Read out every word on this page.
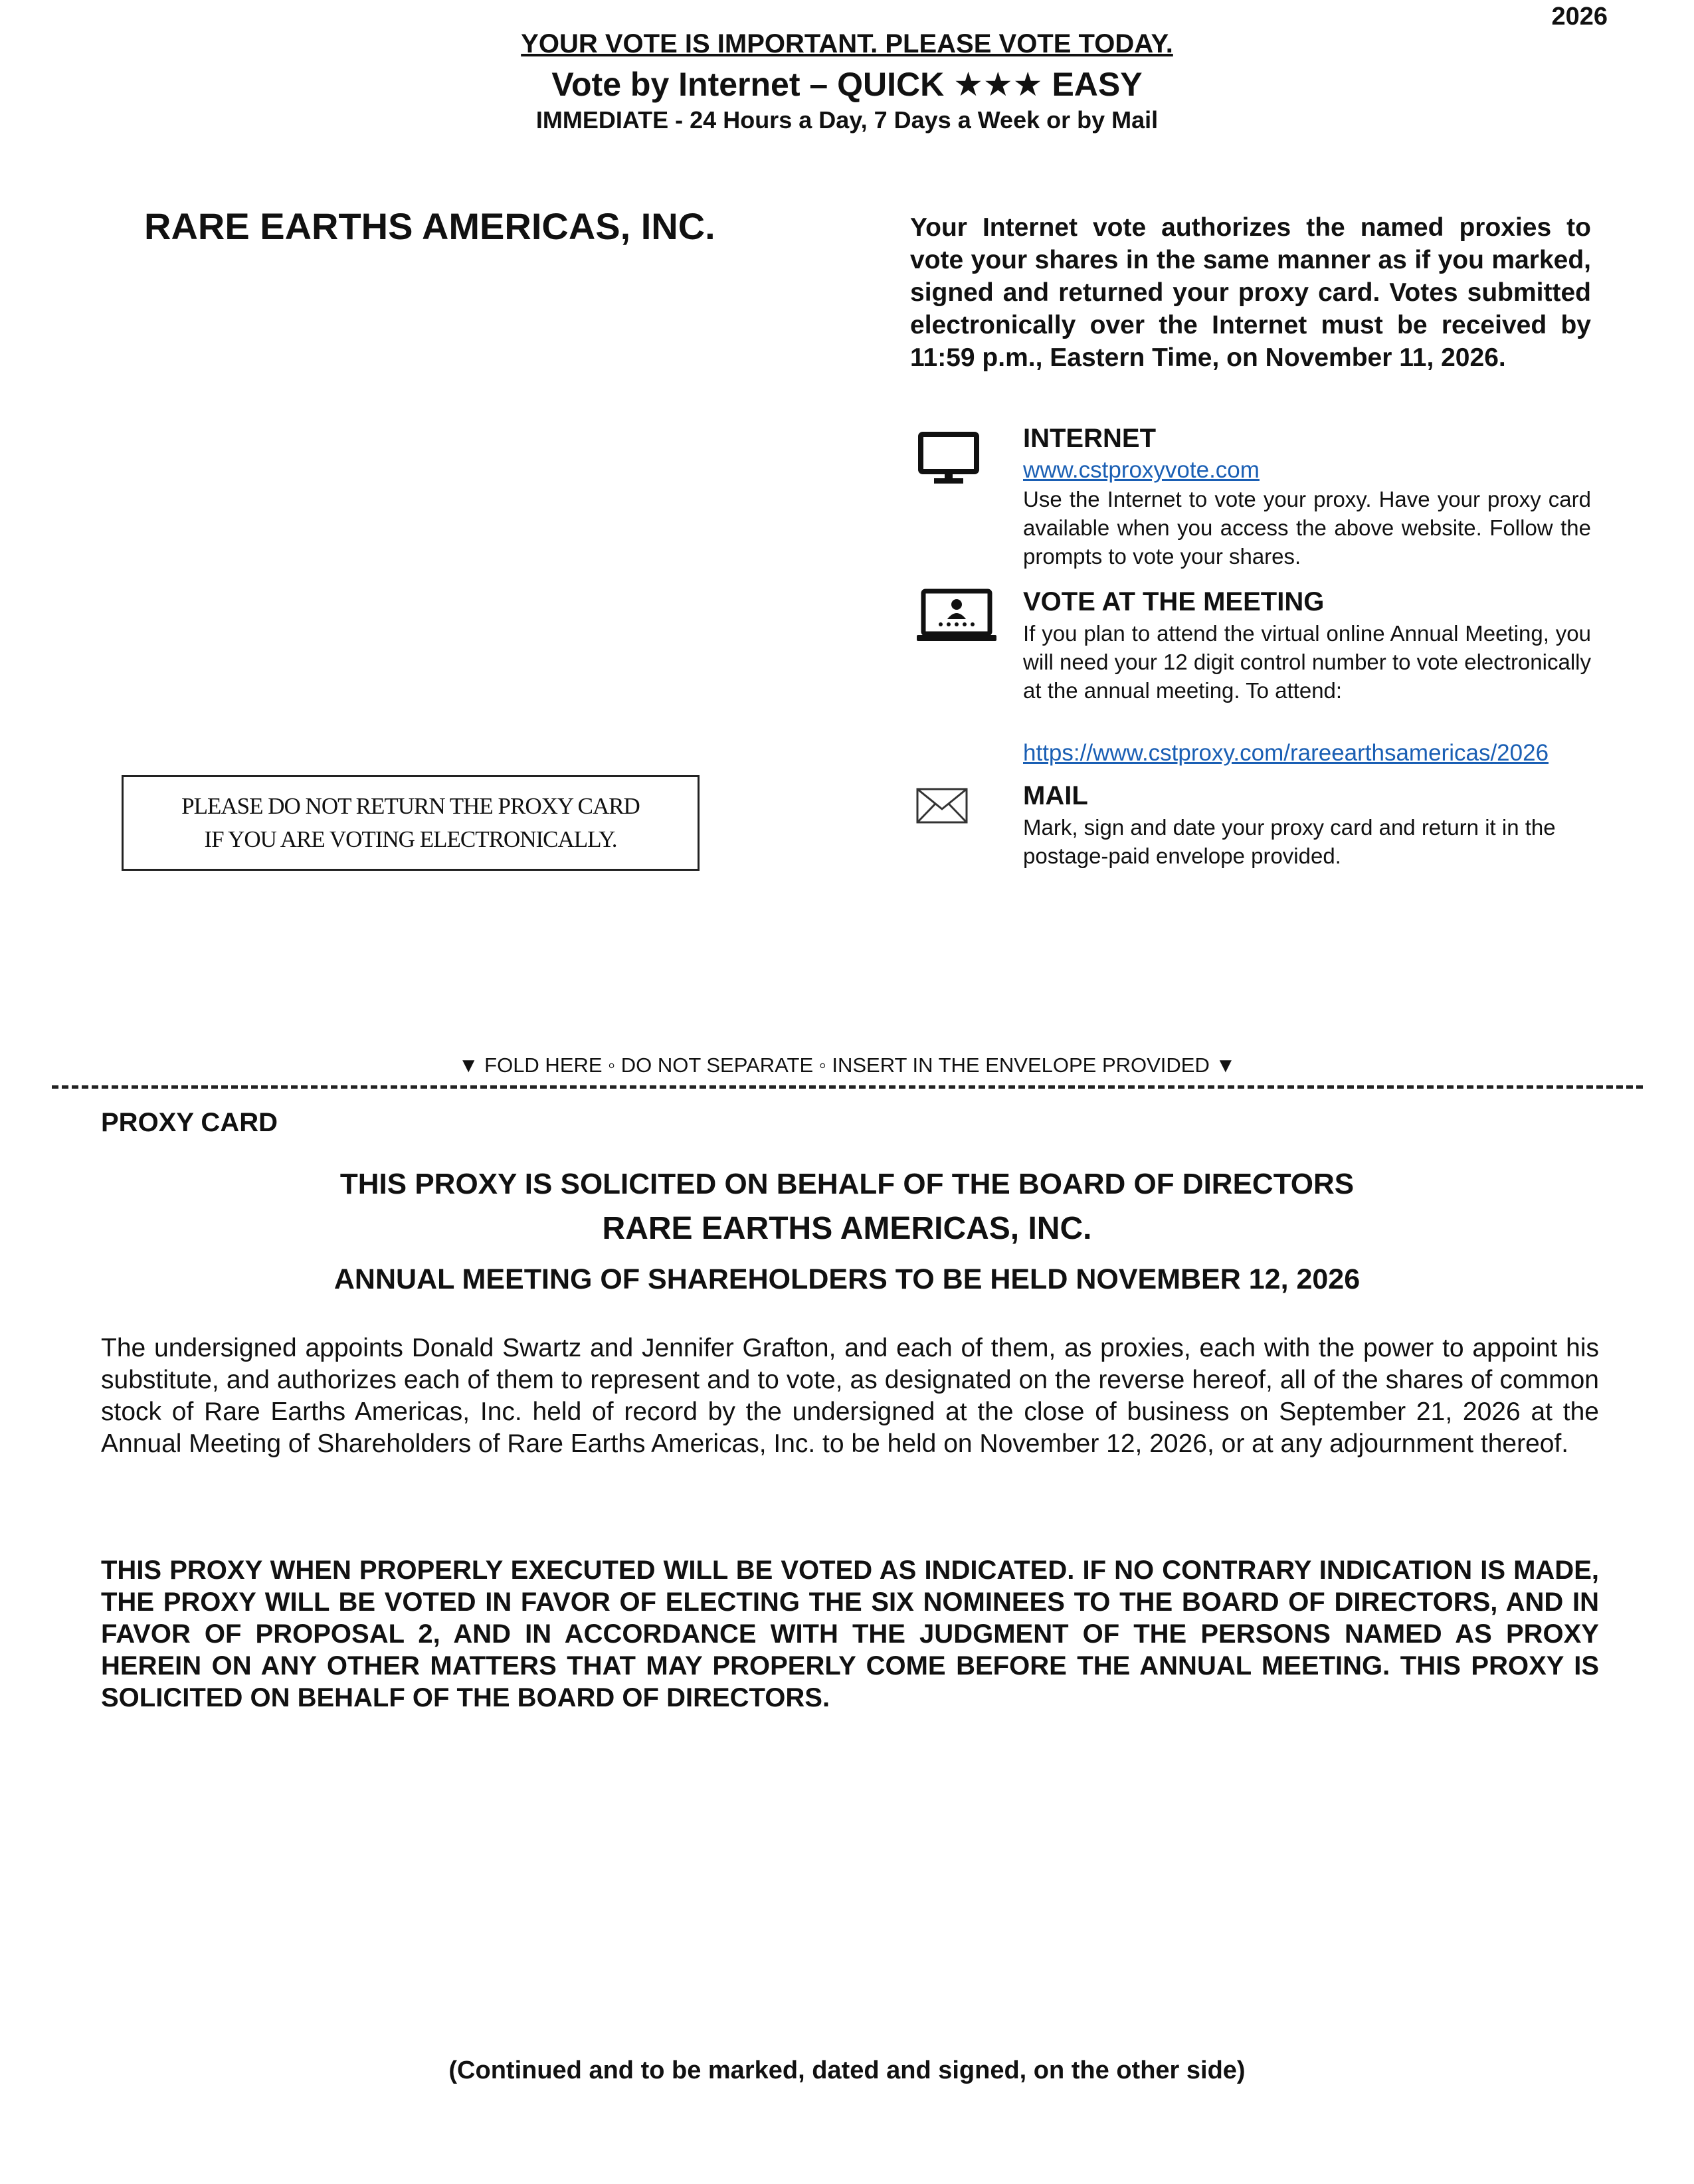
2026
YOUR VOTE IS IMPORTANT. PLEASE VOTE TODAY.
Vote by Internet – QUICK ★★★ EASY
IMMEDIATE - 24 Hours a Day, 7 Days a Week or by Mail
RARE EARTHS AMERICAS, INC.	Your Internet vote authorizes the named proxies to vote your shares in the same manner as if you marked, signed and returned your proxy card. Votes submitted electronically over the Internet must be received by 11:59 p.m., Eastern Time, on November 11, 2026.
INTERNET
www.cstproxyvote.com
Use the Internet to vote your proxy. Have your proxy card available when you access the above website. Follow the prompts to vote your shares.
VOTE AT THE MEETING
If you plan to attend the virtual online Annual Meeting, you will need your 12 digit control number to vote electronically at the annual meeting. To attend:
https://www.cstproxy.com/rareearthsamericas/2026
MAIL
Mark, sign and date your proxy card and return it in the postage-paid envelope provided.
PLEASE DO NOT RETURN THE PROXY CARD
IF YOU ARE VOTING ELECTRONICALLY.
▼ FOLD HERE ◦ DO NOT SEPARATE ◦ INSERT IN THE ENVELOPE PROVIDED ▼
PROXY CARD
THIS PROXY IS SOLICITED ON BEHALF OF THE BOARD OF DIRECTORS
RARE EARTHS AMERICAS, INC.
ANNUAL MEETING OF SHAREHOLDERS TO BE HELD NOVEMBER 12, 2026
The undersigned appoints Donald Swartz and Jennifer Grafton, and each of them, as proxies, each with the power to appoint his substitute, and authorizes each of them to represent and to vote, as designated on the reverse hereof, all of the shares of common stock of Rare Earths Americas, Inc. held of record by the undersigned at the close of business on September 21, 2026 at the Annual Meeting of Shareholders of Rare Earths Americas, Inc. to be held on November 12, 2026, or at any adjournment thereof.
THIS PROXY WHEN PROPERLY EXECUTED WILL BE VOTED AS INDICATED. IF NO CONTRARY INDICATION IS MADE, THE PROXY WILL BE VOTED IN FAVOR OF ELECTING THE SIX NOMINEES TO THE BOARD OF DIRECTORS, AND IN FAVOR OF PROPOSAL 2, AND IN ACCORDANCE WITH THE JUDGMENT OF THE PERSONS NAMED AS PROXY HEREIN ON ANY OTHER MATTERS THAT MAY PROPERLY COME BEFORE THE ANNUAL MEETING. THIS PROXY IS SOLICITED ON BEHALF OF THE BOARD OF DIRECTORS.
(Continued and to be marked, dated and signed, on the other side)
